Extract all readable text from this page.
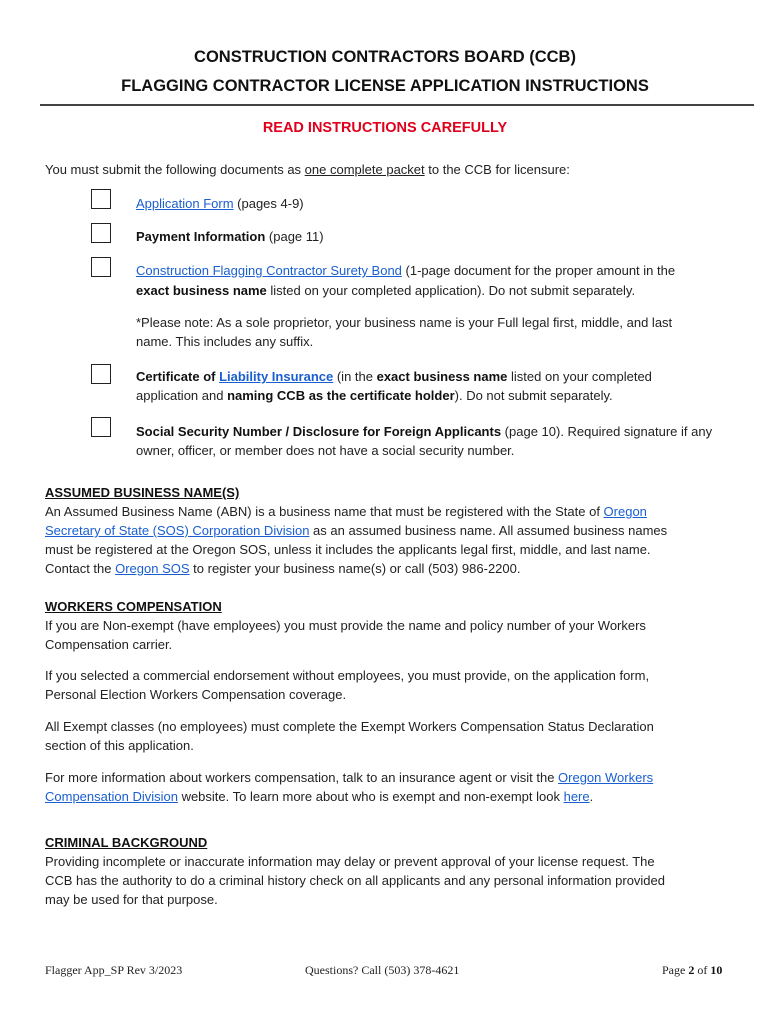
CONSTRUCTION CONTRACTORS BOARD (CCB)
FLAGGING CONTRACTOR LICENSE APPLICATION INSTRUCTIONS
READ INSTRUCTIONS CAREFULLY
You must submit the following documents as one complete packet to the CCB for licensure:
Application Form (pages 4-9)
Payment Information (page 11)
Construction Flagging Contractor Surety Bond (1-page document for the proper amount in the
exact business name listed on your completed application). Do not submit separately.
*Please note: As a sole proprietor, your business name is your Full legal first, middle, and last
name. This includes any suffix.
Certificate of Liability Insurance (in the exact business name listed on your completed
application and naming CCB as the certificate holder). Do not submit separately.
Social Security Number / Disclosure for Foreign Applicants (page 10). Required signature if any
owner, officer, or member does not have a social security number.
ASSUMED BUSINESS NAME(S)
An Assumed Business Name (ABN) is a business name that must be registered with the State of Oregon
Secretary of State (SOS) Corporation Division as an assumed business name. All assumed business names
must be registered at the Oregon SOS, unless it includes the applicants legal first, middle, and last name.
Contact the Oregon SOS to register your business name(s) or call (503) 986-2200.
WORKERS COMPENSATION
If you are Non-exempt (have employees) you must provide the name and policy number of your Workers
Compensation carrier.
If you selected a commercial endorsement without employees, you must provide, on the application form,
Personal Election Workers Compensation coverage.
All Exempt classes (no employees) must complete the Exempt Workers Compensation Status Declaration
section of this application.
For more information about workers compensation, talk to an insurance agent or visit the Oregon Workers
Compensation Division website. To learn more about who is exempt and non-exempt look here.
CRIMINAL BACKGROUND
Providing incomplete or inaccurate information may delay or prevent approval of your license request. The
CCB has the authority to do a criminal history check on all applicants and any personal information provided
may be used for that purpose.
Flagger App_SP Rev 3/2023	Questions? Call (503) 378-4621	Page 2 of 10
